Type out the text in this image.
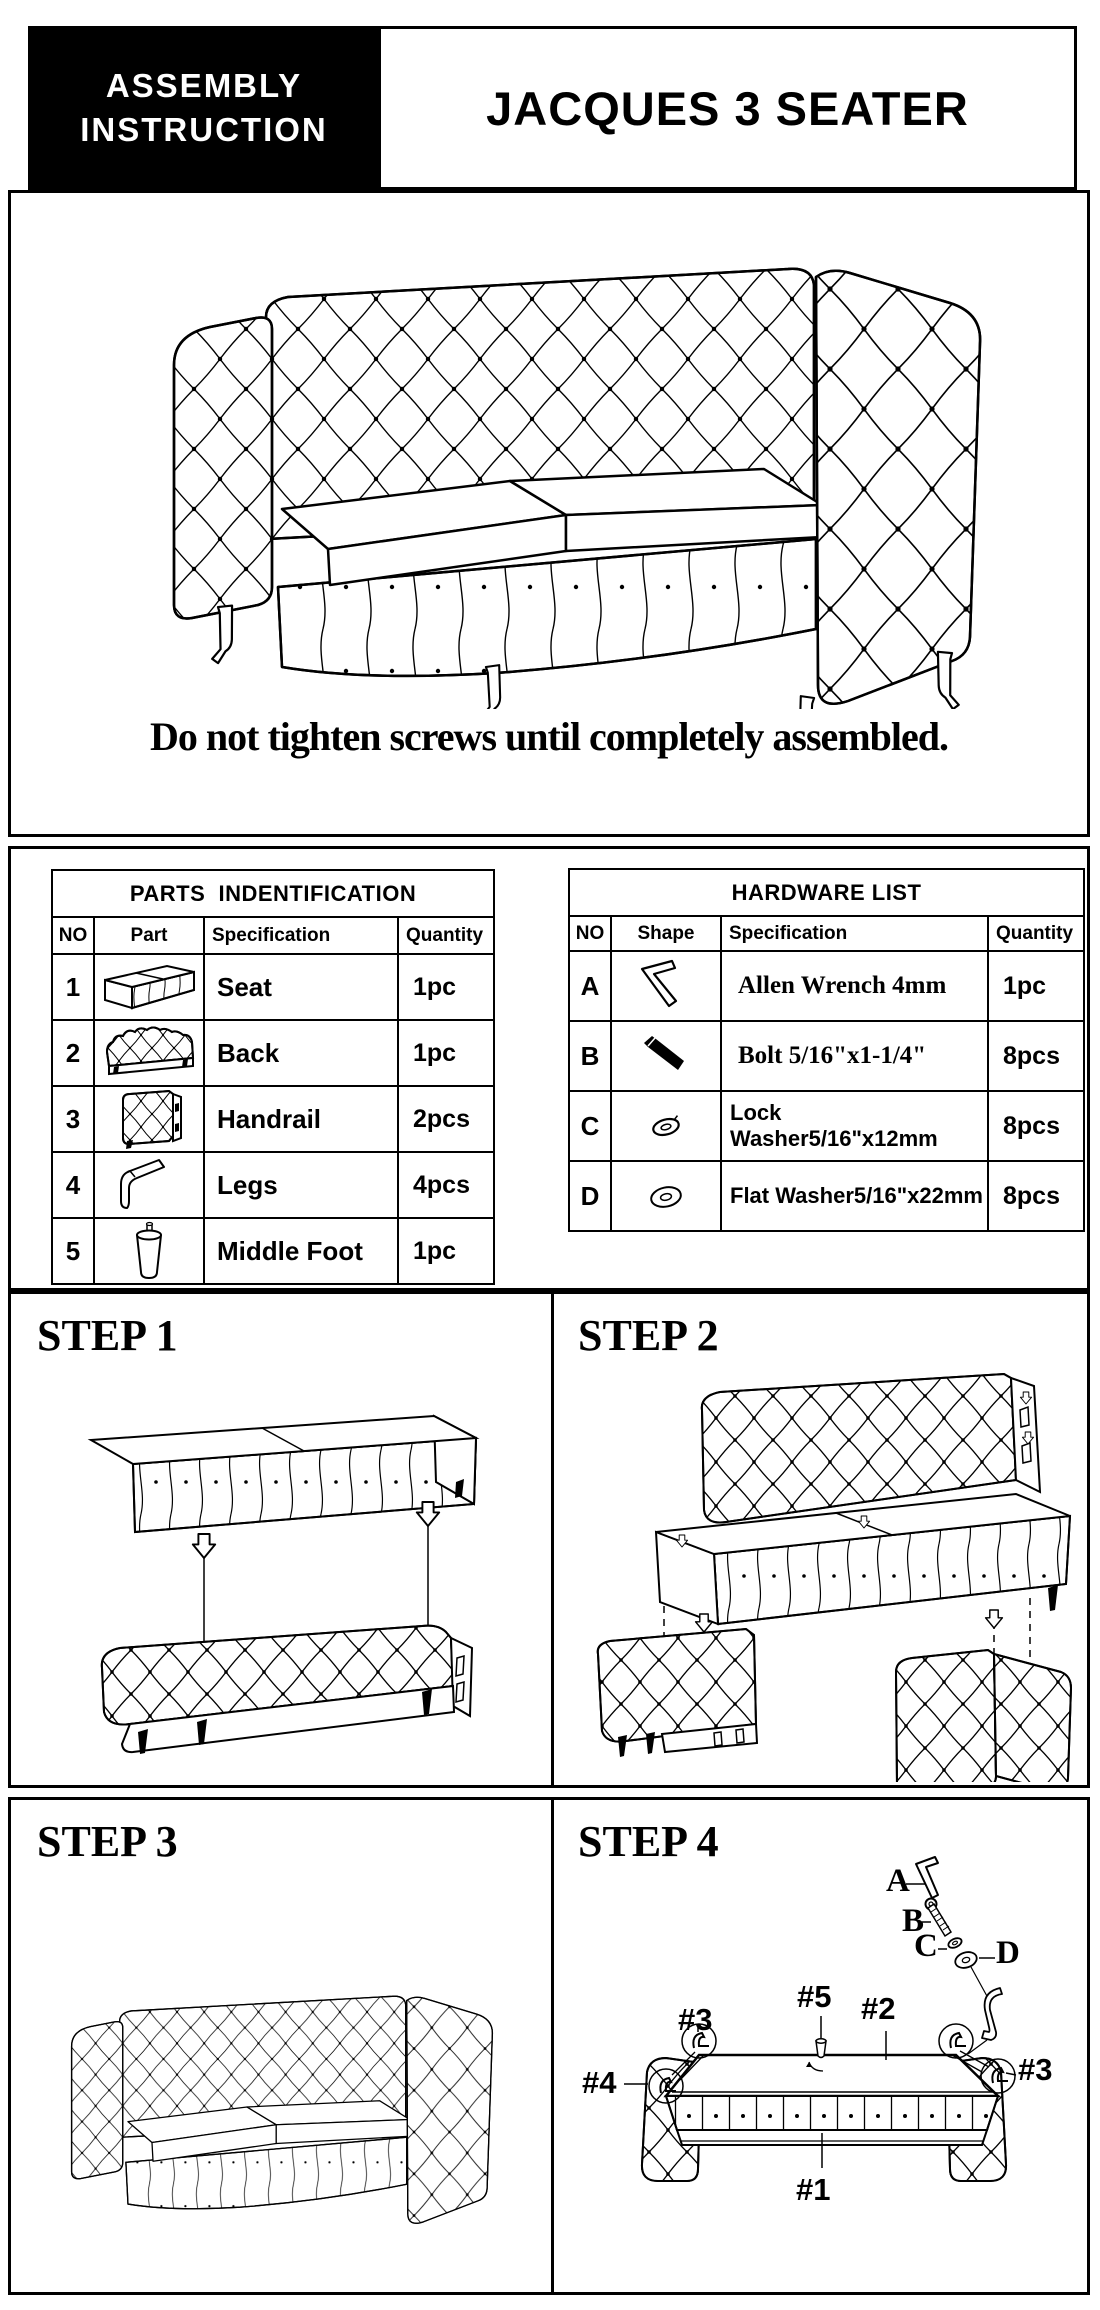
ASSEMBLY
INSTRUCTION	JACQUES 3 SEATER
Do not tighten screws until completely assembled.
PARTS  INDENTIFICATION			
NO	Part	Specification	Quantity
1		Seat	1pc
2		Back	1pc
3		Handrail	2pcs
4		Legs	4pcs
5		Middle Foot	1pc
HARDWARE LIST			
NO	Shape	Specification	Quantity
A		Allen Wrench 4mm	1pc
B		Bolt 5/16"x1-1/4"	8pcs
C		Lock Washer5/16"x12mm	8pcs
D		Flat Washer5/16"x22mm	8pcs
STEP 1	STEP 2
STEP 3	STEP 4
A
B
C D
#5 #2
#3
#4	#3
#1
